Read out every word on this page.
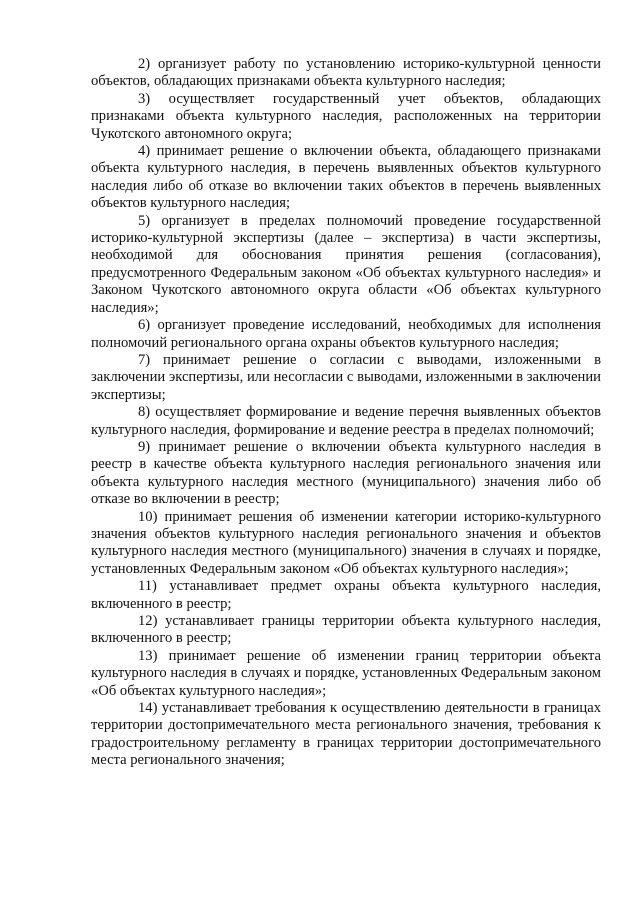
2) организует работу по установлению историко-культурной ценности объектов, обладающих признаками объекта культурного наследия;

3) осуществляет государственный учет объектов, обладающих признаками объекта культурного наследия, расположенных на территории Чукотского автономного округа;

4) принимает решение о включении объекта, обладающего признаками объекта культурного наследия, в перечень выявленных объектов культурного наследия либо об отказе во включении таких объектов в перечень выявленных объектов культурного наследия;

5) организует в пределах полномочий проведение государственной историко-культурной экспертизы (далее – экспертиза) в части экспертизы, необходимой для обоснования принятия решения (согласования), предусмотренного Федеральным законом «Об объектах культурного наследия» и Законом Чукотского автономного округа области «Об объектах культурного наследия»;

6) организует проведение исследований, необходимых для исполнения полномочий регионального органа охраны объектов культурного наследия;

7) принимает решение о согласии с выводами, изложенными в заключении экспертизы, или несогласии с выводами, изложенными в заключении экспертизы;

8) осуществляет формирование и ведение перечня выявленных объектов культурного наследия, формирование и ведение реестра в пределах полномочий;

9) принимает решение о включении объекта культурного наследия в реестр в качестве объекта культурного наследия регионального значения или объекта культурного наследия местного (муниципального) значения либо об отказе во включении в реестр;

10) принимает решения об изменении категории историко-культурного значения объектов культурного наследия регионального значения и объектов культурного наследия местного (муниципального) значения в случаях и порядке, установленных Федеральным законом «Об объектах культурного наследия»;

11) устанавливает предмет охраны объекта культурного наследия, включенного в реестр;

12) устанавливает границы территории объекта культурного наследия, включенного в реестр;

13) принимает решение об изменении границ территории объекта культурного наследия в случаях и порядке, установленных Федеральным законом «Об объектах культурного наследия»;

14) устанавливает требования к осуществлению деятельности в границах территории достопримечательного места регионального значения, требования к градостроительному регламенту в границах территории достопримечательного места регионального значения;
